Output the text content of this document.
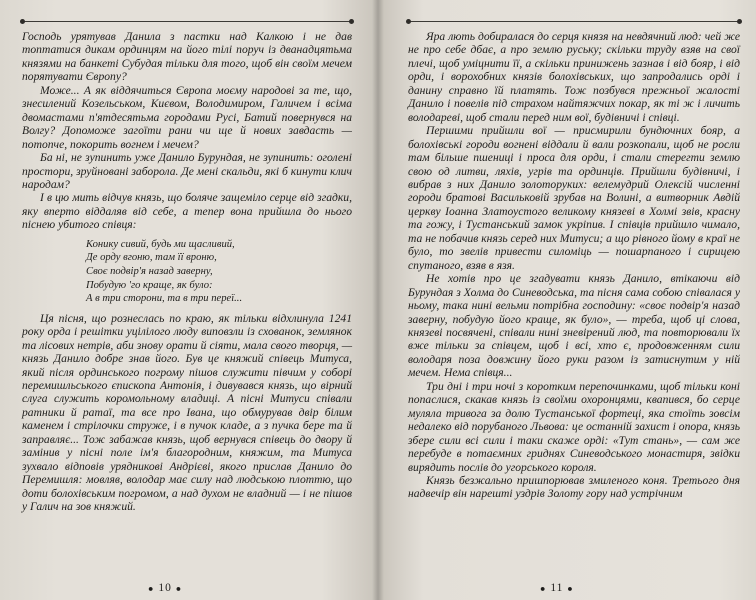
Господь урятував Данила з пастки над Калкою і не дав топтатися дикам ординцям на його тілі поруч із дванадцятьма князями на банкеті Субудая тільки для того, щоб він своїм мечем порятувати Європу?

Може... А як віддячиться Європа моєму народові за те, що, знесилений Козельськом, Києвом, Володимиром, Галичем і всіма двомастами п'ятдесятьма городами Русі, Батий повернувся на Волгу? Допоможе загоїти рани чи ще й нових завдасть — потопче, покорить вогнем і мечем?

Ба ні, не зупинить уже Данило Бурундая, не зупинить: оголені простори, зруйновані заборола. Де мені скальди, які б кинути клич народам?

І в цю мить відчув князь, що боляче защеміло серце від згадки, яку вперто віддаляв від себе, а тепер вона прийшла до нього піснею убитого співця:

Конику сивий, будь ми щасливий,
Де орду вгоню, там її вроню,
Своє подвір'я назад заверну,
Побудую 'го краще, як було:
А в три сторони, та в три переї...

Ця пісня, що рознеслась по краю, як тільки відхлинула 1241 року орда і решітки уцілілого люду виповзли із схованок, землянок та лісових нетрів, аби знову орати й сіяти, мала свого творця, — князь Данило добре знав його. Був це княжий співець Митуса, який після ординського погрому пішов служити півчим у соборі перемишльського єпископа Антонія, і дивувався князь, що вірний слуга служить коромольному владиці. А пісні Митуси співали ратники й ратаї, та все про Івана, що обмурував двір білим каменем і стрілочки струже, і в пучок кладе, а з пучка бере та й заправляє... Тож забажав князь, щоб вернувся співець до двору й замінив у пісні поле ім'я благородним, княжим, та Митуса зухвало відповів урядникові Андрієві, якого прислав Данило до Перемишля: мовляв, володар має силу над людською плоттю, що доти болохівським погромом, а над духом не владний — і не пішов у Галич на зов княжий.

● 10 ●

Яра лють добиралася до серця князя на невдячний люд: чей же не про себе дбає, а про землю руську; скільки труду взяв на свої плечі, щоб уміцнити її, а скільки принижень зазнав і від бояр, і від орди, і ворохобних князів болохівських, що запродались орді і данину справно їй платять. Тож позбувся прежньої жалості Данило і повелів під страхом найтяжчих покар, як ті ж і личить володареві, щоб стали перед ним вої, будівничі і співці.

Першими прийшли вої — присмирили бундючних бояр, а болохівські городи вогнені віддали й вали розкопали, щоб не росли там більше пшениці і проса для орди, і стали стерегти землю свою од литви, ляхів, угрів та ординців. Прийшли будівничі, і вибрав з них Данило золоторуких: велемудрий Олексій численні городи братові Васильковій зрубав на Волині, а витворник Авдій церкву Іоанна Златоустого великому князеві в Холмі звів, красну та гожу, і Тустанський замок укріпив. І співців прийшло чимало, та не побачив князь серед них Митуси; а що рівного йому в краї не було, то звелів привести силоміць — пошарпаного і сирицею спутаного, взяв в язя.

Не хотів про це згадувати князь Данило, втікаючи від Бурундая з Холма до Синеводська, та пісня сама собою співалася у ньому, така нині вельми потрібна господину: «своє подвір'я назад заверну, побудую його краще, як було», — треба, щоб ці слова, князеві посвячені, співали нині зневірений люд, та повторювали їх вже тільки за співцем, щоб і всі, хто є, продовженням сили володаря поза довжину його руки разом із затиснутим у ній мечем. Нема співця...

Три дні і три ночі з коротким перепочинками, щоб тільки коні попаслися, скакав князь із своїми охоронцями, квапився, бо серце муляла тривога за долю Тустанської фортеці, яка стоїть зовсім недалеко від порубаного Львова: це останній захист і опора, князь збере сили всі сили і таки скаже орді: «Тут стань», — сам же перебуде в потаємних гриднях Синеводського монастиря, звідки вирядить послів до угорського короля.

Князь безжально пришпорював змиленого коня. Третього дня надвечір він нарешті уздрів Золоту гору над устрічним

● 11 ●
